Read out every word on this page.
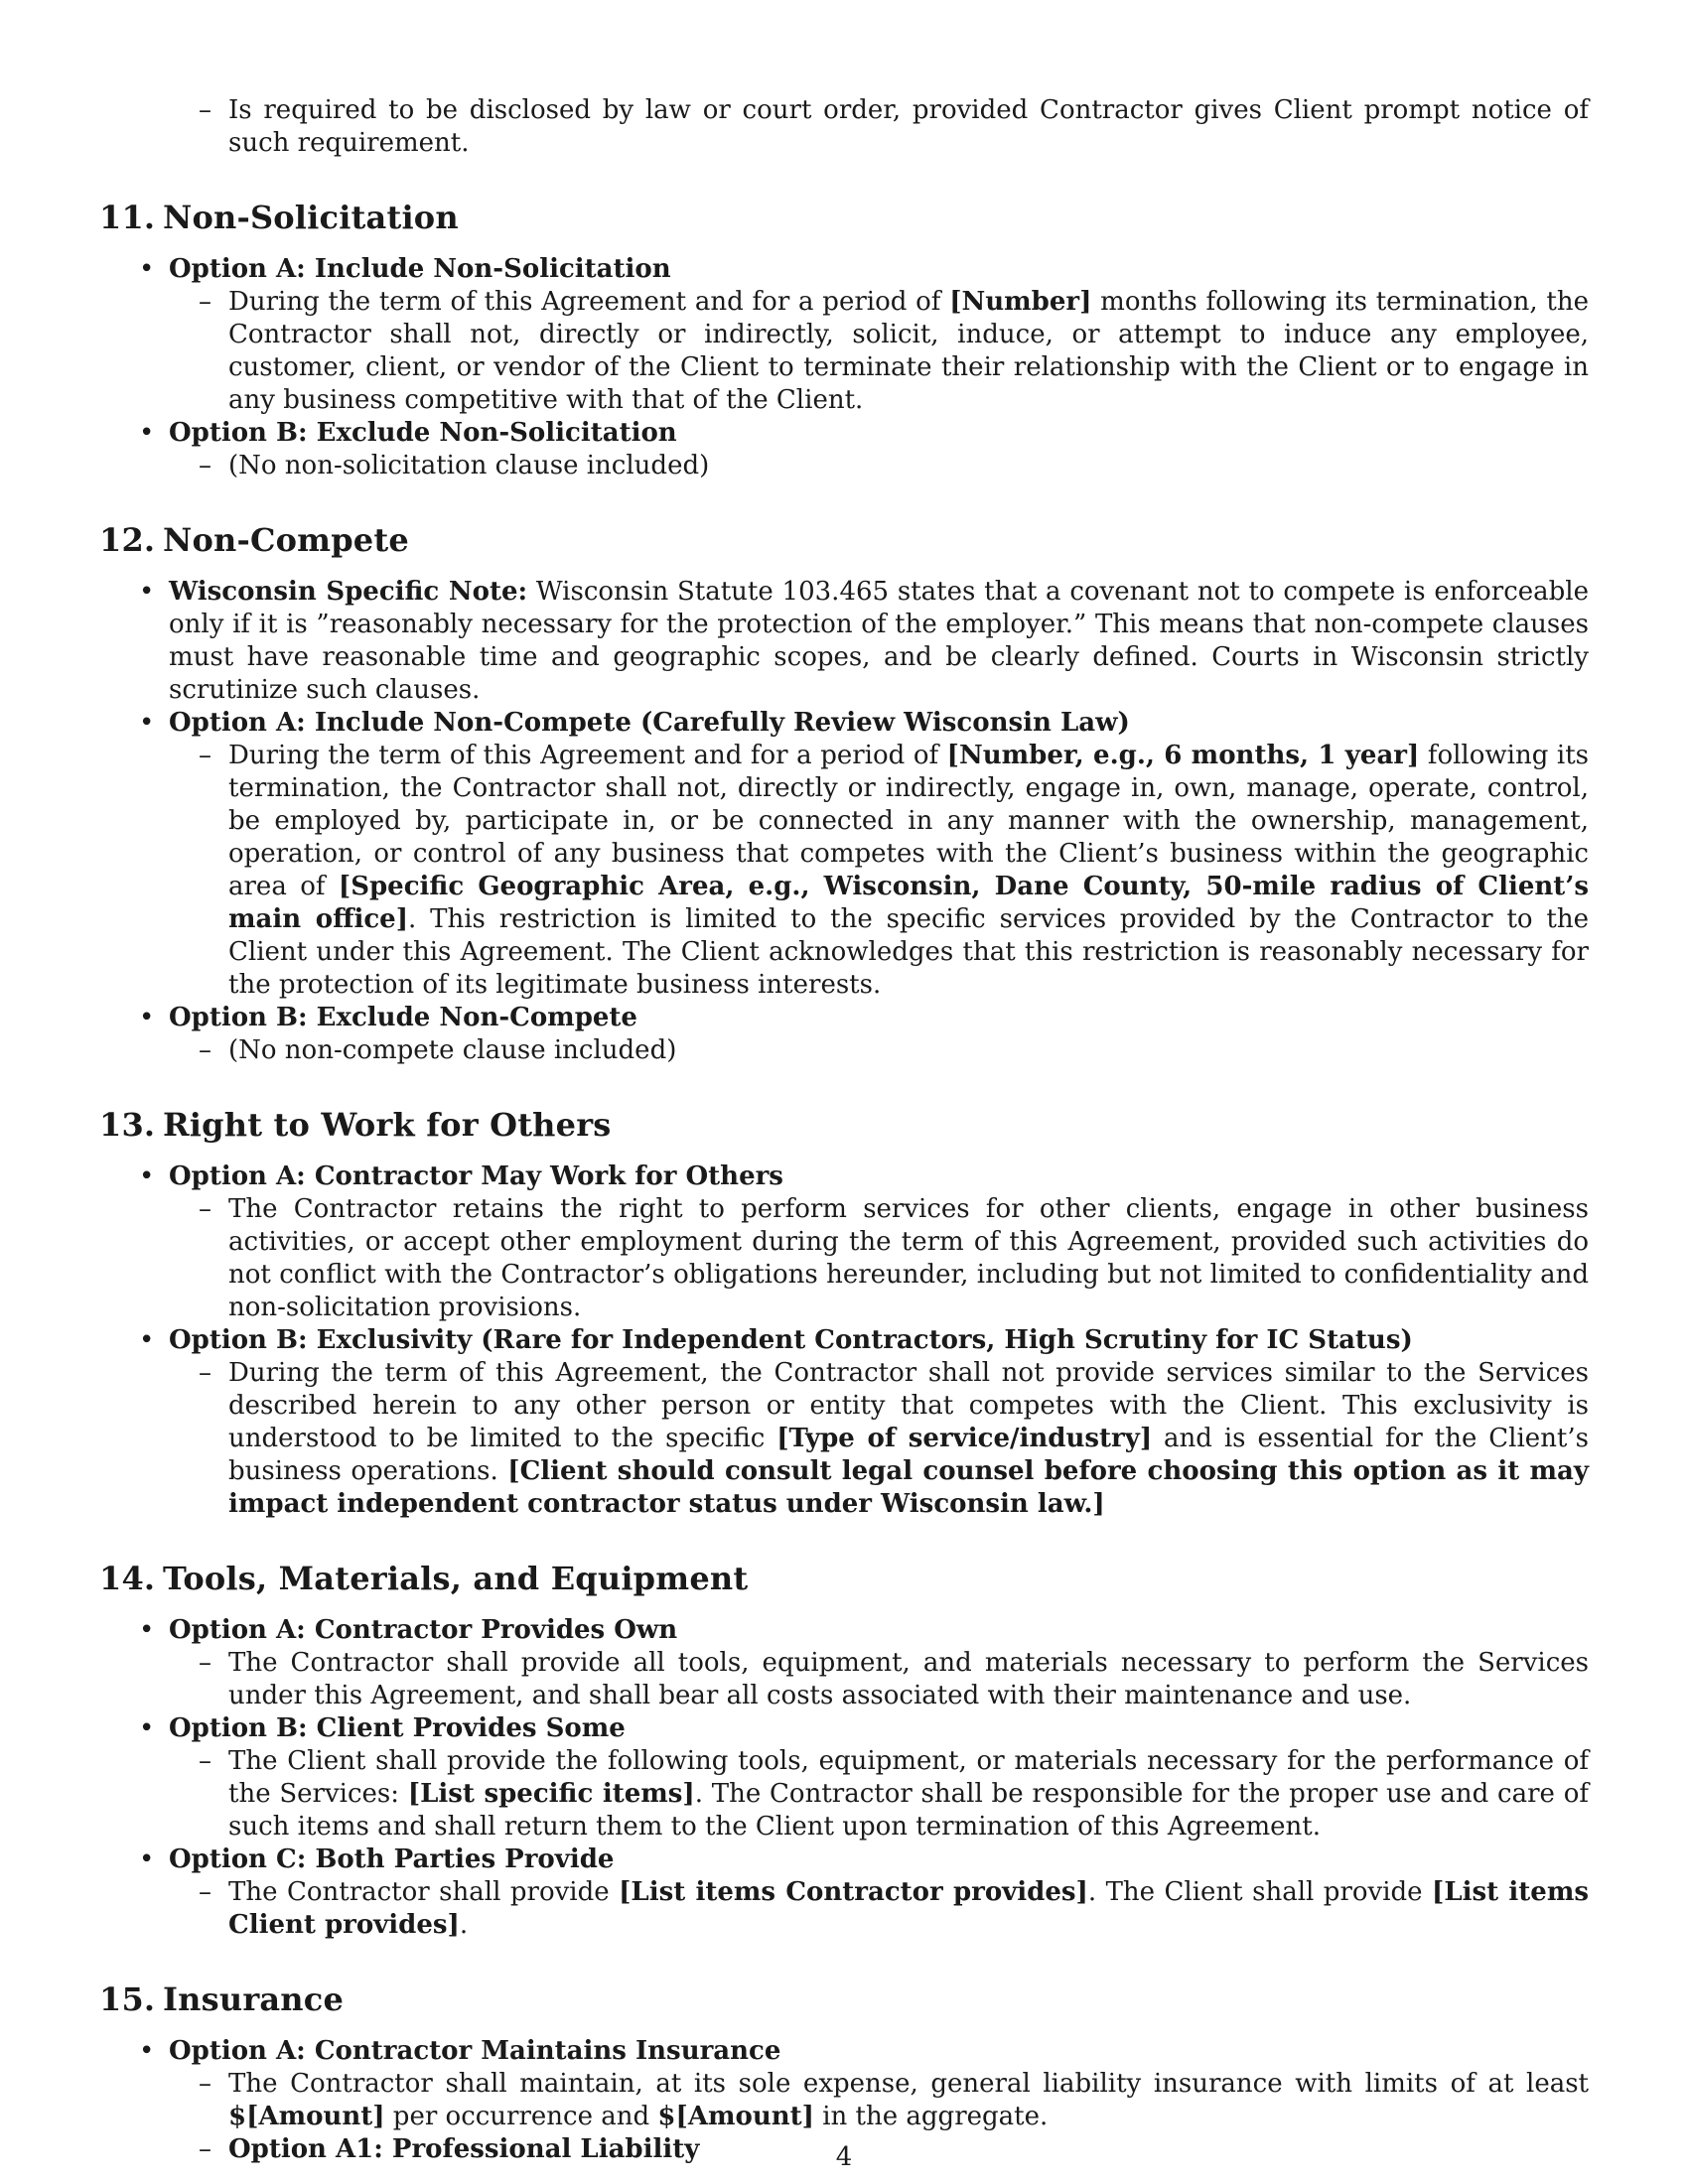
– Is required to be disclosed by law or court order, provided Contractor gives Client prompt notice of such requirement.
11. Non-Solicitation
• Option A: Include Non-Solicitation
– During the term of this Agreement and for a period of [Number] months following its termination, the Contractor shall not, directly or indirectly, solicit, induce, or attempt to induce any employee, customer, client, or vendor of the Client to terminate their relationship with the Client or to engage in any business competitive with that of the Client.
• Option B: Exclude Non-Solicitation
– (No non-solicitation clause included)
12. Non-Compete
• Wisconsin Specific Note: Wisconsin Statute 103.465 states that a covenant not to compete is enforceable only if it is ”reasonably necessary for the protection of the employer.” This means that non-compete clauses must have reasonable time and geographic scopes, and be clearly defined. Courts in Wisconsin strictly scrutinize such clauses.
• Option A: Include Non-Compete (Carefully Review Wisconsin Law)
– During the term of this Agreement and for a period of [Number, e.g., 6 months, 1 year] following its termination, the Contractor shall not, directly or indirectly, engage in, own, manage, operate, control, be employed by, participate in, or be connected in any manner with the ownership, management, operation, or control of any business that competes with the Client’s business within the geographic area of [Specific Geographic Area, e.g., Wisconsin, Dane County, 50-mile radius of Client’s main office]. This restriction is limited to the specific services provided by the Contractor to the Client under this Agreement. The Client acknowledges that this restriction is reasonably necessary for the protection of its legitimate business interests.
• Option B: Exclude Non-Compete
– (No non-compete clause included)
13. Right to Work for Others
• Option A: Contractor May Work for Others
– The Contractor retains the right to perform services for other clients, engage in other business activities, or accept other employment during the term of this Agreement, provided such activities do not conflict with the Contractor’s obligations hereunder, including but not limited to confidentiality and non-solicitation provisions.
• Option B: Exclusivity (Rare for Independent Contractors, High Scrutiny for IC Status)
– During the term of this Agreement, the Contractor shall not provide services similar to the Services described herein to any other person or entity that competes with the Client. This exclusivity is understood to be limited to the specific [Type of service/industry] and is essential for the Client’s business operations. [Client should consult legal counsel before choosing this option as it may impact independent contractor status under Wisconsin law.]
14. Tools, Materials, and Equipment
• Option A: Contractor Provides Own
– The Contractor shall provide all tools, equipment, and materials necessary to perform the Services under this Agreement, and shall bear all costs associated with their maintenance and use.
• Option B: Client Provides Some
– The Client shall provide the following tools, equipment, or materials necessary for the performance of the Services: [List specific items]. The Contractor shall be responsible for the proper use and care of such items and shall return them to the Client upon termination of this Agreement.
• Option C: Both Parties Provide
– The Contractor shall provide [List items Contractor provides]. The Client shall provide [List items Client provides].
15. Insurance
• Option A: Contractor Maintains Insurance
– The Contractor shall maintain, at its sole expense, general liability insurance with limits of at least $[Amount] per occurrence and $[Amount] in the aggregate.
– Option A1: Professional Liability	4
